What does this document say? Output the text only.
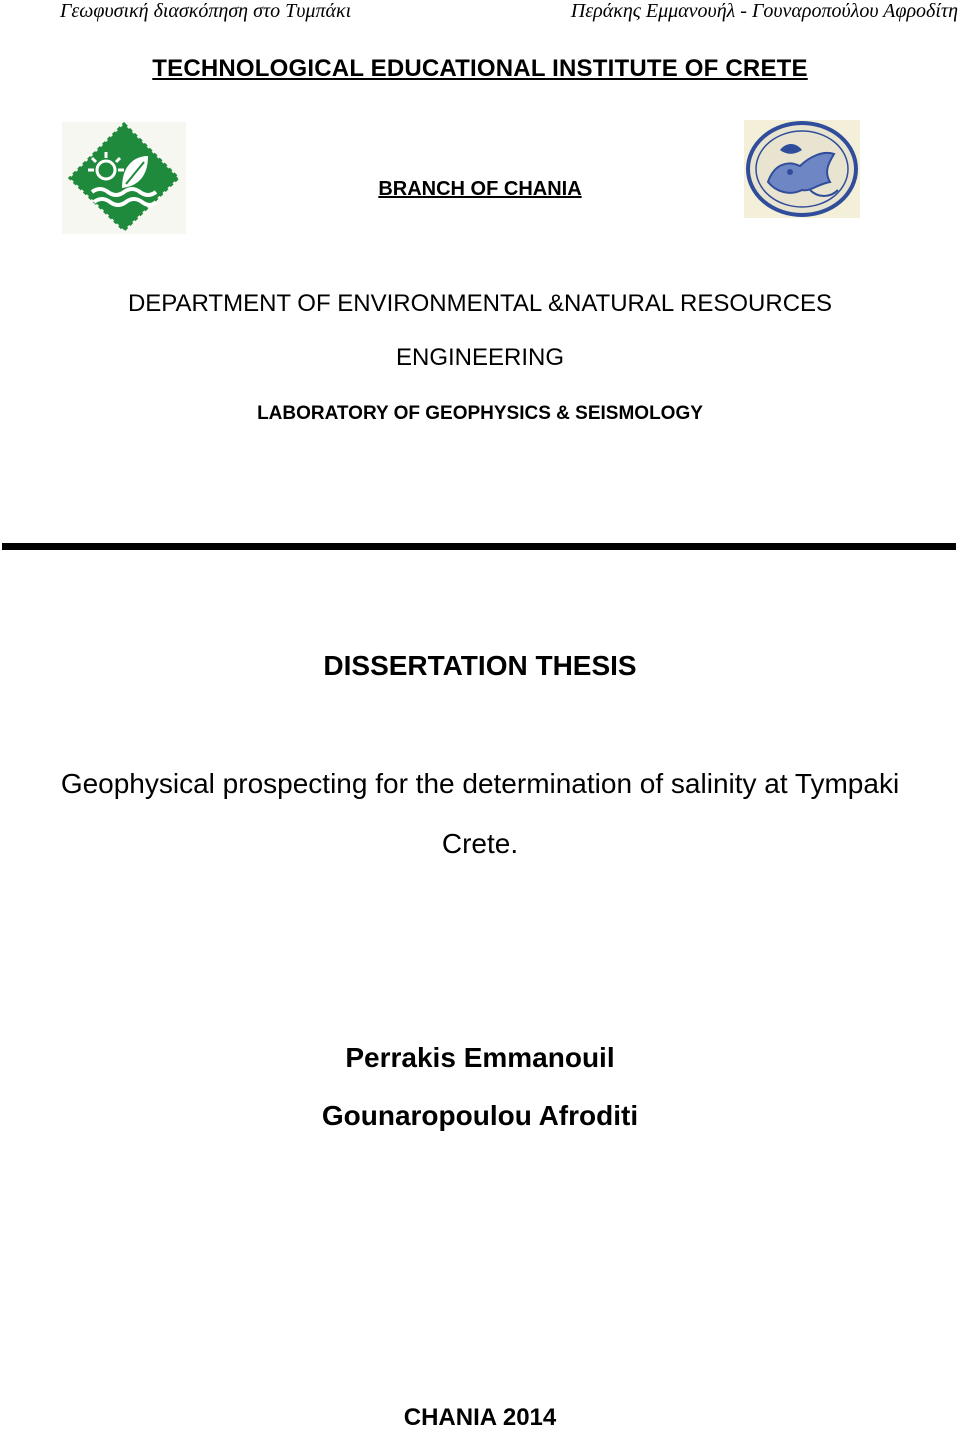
Γεωφυσική διασκόπηση στο Τυμπάκι	Περάκης Εμμανουήλ - Γουναροπούλου Αφροδίτη
TECHNOLOGICAL EDUCATIONAL INSTITUTE OF CRETE
BRANCH OF CHANIA
DEPARTMENT OF ENVIRONMENTAL &NATURAL RESOURCES
ENGINEERING
LABORATORY OF GEOPHYSICS & SEISMOLOGY
DISSERTATION THESIS
Geophysical prospecting for the determination of salinity at Tympaki
Crete.
Perrakis Emmanouil
Gounaropoulou Afroditi
CHANIA 2014
